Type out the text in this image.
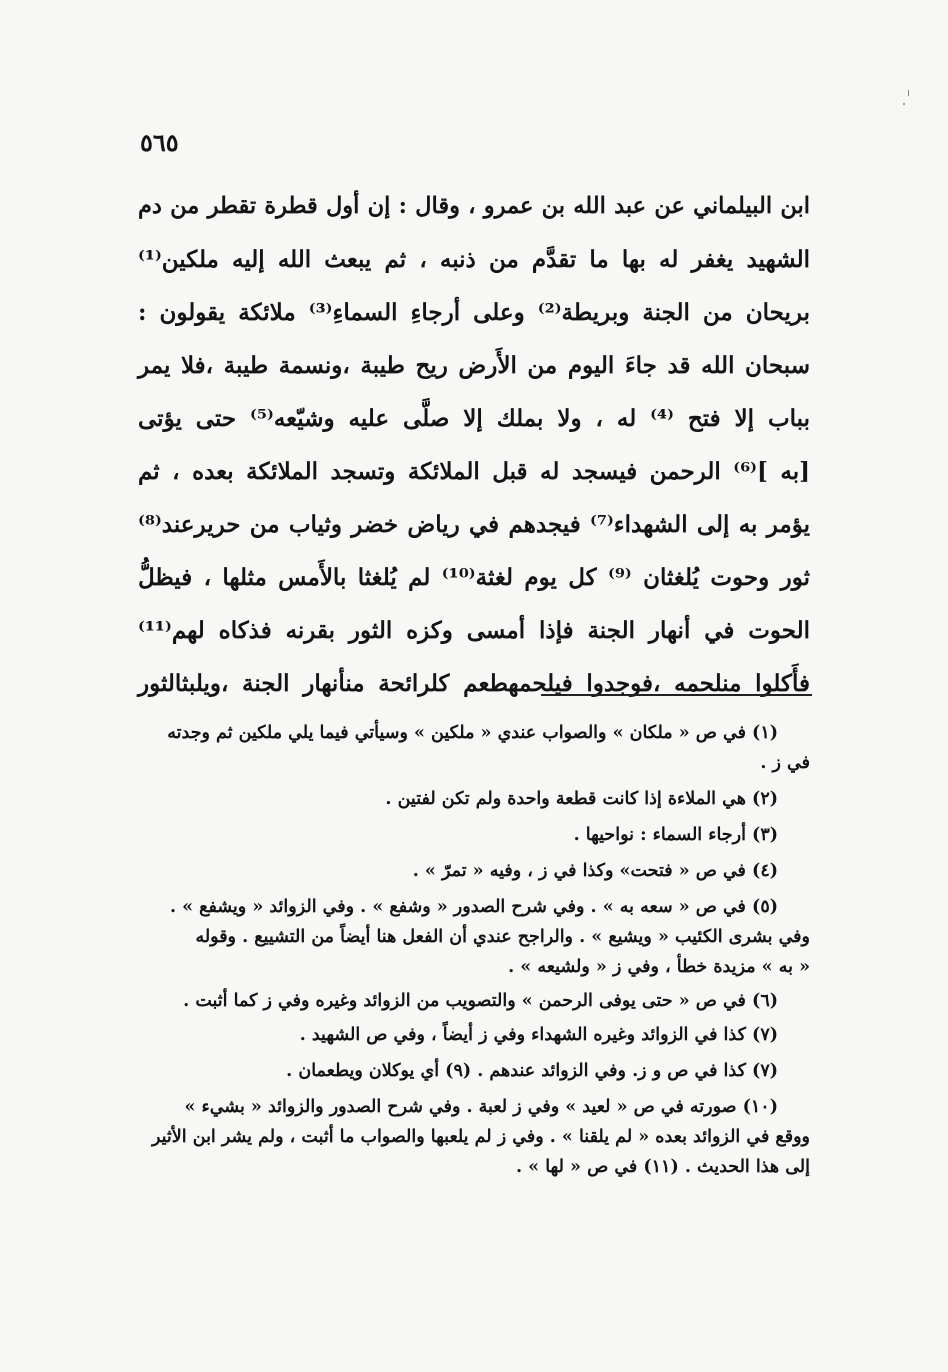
٥٦٥
ابن البيلماني عن عبد الله بن عمرو ، وقال : إن أول قطرة تقطر من دم
الشهيد يغفر له بها ما تقدَّم من ذنبه ، ثم يبعث الله إليه ملكين⁽¹⁾
بريحان من الجنة وبريطة⁽²⁾ وعلى أرجاءِ السماءِ⁽³⁾ ملائكة يقولون :
سبحان الله قد جاءَ اليوم من الأَرض ريح طيبة ،ونسمة طيبة ،فلا يمر
بباب إلا فتح ⁽⁴⁾ له ، ولا بملك إلا صلَّى عليه وشيّعه⁽⁵⁾ حتى يؤتى
[به ]⁽⁶⁾ الرحمن فيسجد له قبل الملائكة وتسجد الملائكة بعده ، ثم
يؤمر به إلى الشهداء⁽⁷⁾ فيجدهم في رياض خضر وثياب من حريرعند⁽⁸⁾
ثور وحوت يُلغثان ⁽⁹⁾ كل يوم لغثة⁽¹⁰⁾ لم يُلغثا بالأَمس مثلها ، فيظلُّ
الحوت في أنهار الجنة فإذا أمسى وكزه الثور بقرنه فذكاه لهم⁽¹¹⁾
فأَكلوا منلحمه ،فوجدوا فيلحمهطعم كلرائحة منأنهار الجنة ،ويلبثالثور
(١) في ص « ملكان » والصواب عندي « ملكين » وسيأتي فيما يلي ملكين ثم وجدته
في ز .
(٢) هي الملاءة إذا كانت قطعة واحدة ولم تكن لفتين .
(٣) أرجاء السماء : نواحيها .
(٤) في ص « فتحت» وكذا في ز ، وفيه « تمرّ » .
(٥) في ص « سعه به » . وفي شرح الصدور « وشفع » . وفي الزوائد « ويشفع » .
وفي بشرى الكئيب « ويشيع » . والراجح عندي أن الفعل هنا أيضاً من التشييع . وقوله
« به » مزيدة خطأ ، وفي ز « ولشيعه » .
(٦) في ص « حتى يوفى الرحمن » والتصويب من الزوائد وغيره وفي ز كما أثبت .
(٧) كذا في الزوائد وغيره الشهداء وفي ز أيضاً ، وفي ص الشهيد .
(٧) كذا في ص و ز. وفي الزوائد عندهم . (٩) أي يوكلان ويطعمان .
(١٠) صورته في ص « لعيد » وفي ز لعبة . وفي شرح الصدور والزوائد « بشيء »
ووقع في الزوائد بعده « لم يلقنا » . وفي ز لم يلعبها والصواب ما أثبت ، ولم يشر ابن الأثير
إلى هذا الحديث . (١١) في ص « لها » .
